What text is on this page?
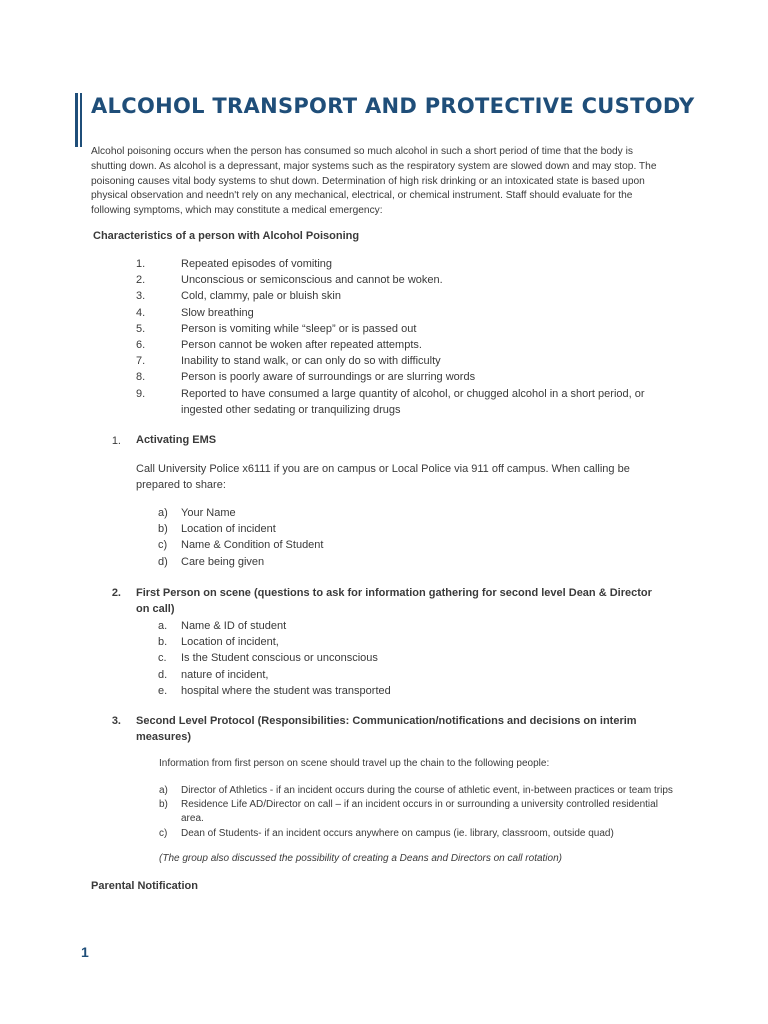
ALCOHOL TRANSPORT AND PROTECTIVE CUSTODY

Alcohol poisoning occurs when the person has consumed so much alcohol in such a short period of time that the body is shutting down. As alcohol is a depressant, major systems such as the respiratory system are slowed down and may stop. The poisoning causes vital body systems to shut down. Determination of high risk drinking or an intoxicated state is based upon physical observation and needn't rely on any mechanical, electrical, or chemical instrument. Staff should evaluate for the following symptoms, which may constitute a medical emergency:

Characteristics of a person with Alcohol Poisoning
1.	Repeated episodes of vomiting
2.	Unconscious or semiconscious and cannot be woken.
3.	Cold, clammy, pale or bluish skin
4.	Slow breathing
5.	Person is vomiting while “sleep” or is passed out
6.	Person cannot be woken after repeated attempts.
7.	Inability to stand walk, or can only do so with difficulty
8.	Person is poorly aware of surroundings or are slurring words
9.	Reported to have consumed a large quantity of alcohol, or chugged alcohol in a short period, or
ingested other sedating or tranquilizing drugs
1. Activating EMS
Call University Police x6111 if you are on campus or Local Police via 911 off campus. When calling be
prepared to share:
a) Your Name
b) Location of incident
c) Name & Condition of Student
d) Care being given
2. First Person on scene (questions to ask for information gathering for second level Dean & Director
on call)
a. Name & ID of student
b. Location of incident,
c. Is the Student conscious or unconscious
d. nature of incident,
e. hospital where the student was transported
3. Second Level Protocol (Responsibilities: Communication/notifications and decisions on interim
measures)
Information from first person on scene should travel up the chain to the following people:
a) Director of Athletics - if an incident occurs during the course of athletic event, in-between practices or team trips
b) Residence Life AD/Director on call – if an incident occurs in or surrounding a university controlled residential
area.
c) Dean of Students- if an incident occurs anywhere on campus (ie. library, classroom, outside quad)
(The group also discussed the possibility of creating a Deans and Directors on call rotation)
Parental Notification
1
